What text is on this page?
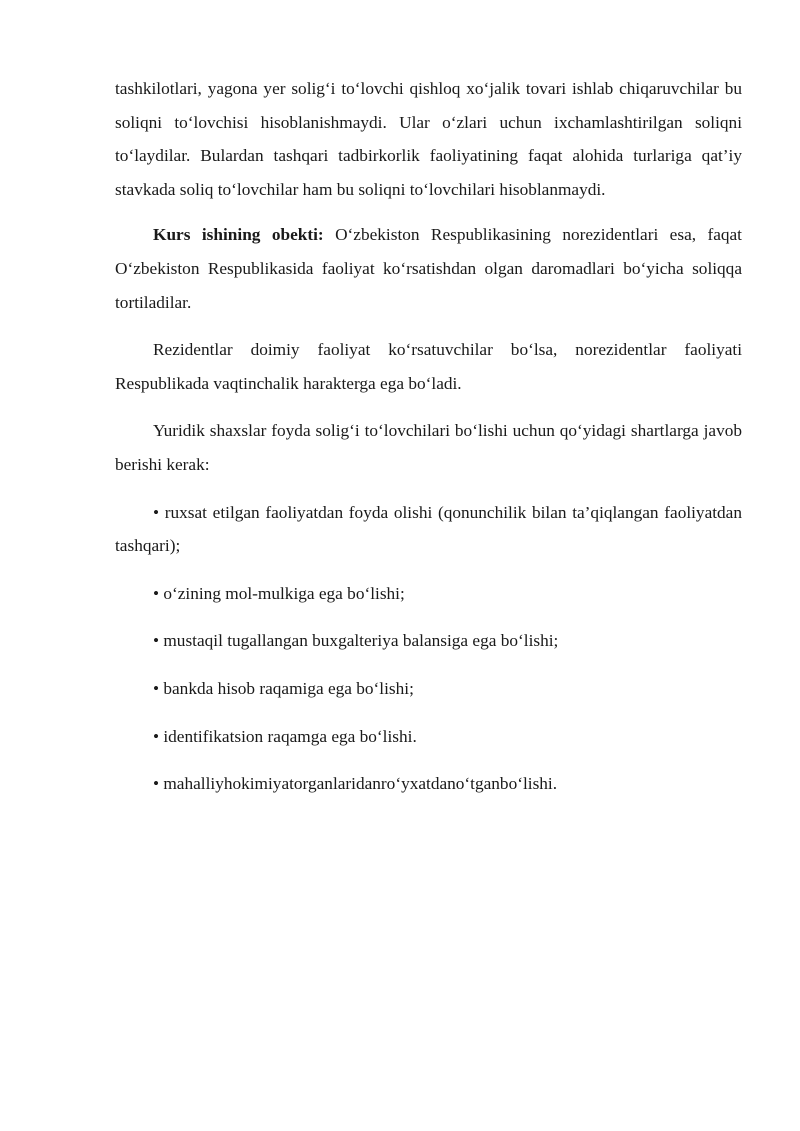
tashkilotlari, yagona yer solig‘i to‘lovchi qishloq xo‘jalik tovari ishlab chiqaruvchilar bu soliqni to‘lovchisi hisoblanishmaydi. Ular o‘zlari uchun ixchamlashtirilgan soliqni to‘laydilar. Bulardan tashqari tadbirkorlik faoliyatining faqat alohida turlariga qat’iy stavkada soliq to‘lovchilar ham bu soliqni to‘lovchilari hisoblanmaydi.

Kurs ishining obekti: O‘zbekiston Respublikasining norezidentlari esa, faqat O‘zbekiston Respublikasida faoliyat ko‘rsatishdan olgan daromadlari bo‘yicha soliqqa tortiladilar.

Rezidentlar doimiy faoliyat ko‘rsatuvchilar bo‘lsa, norezidentlar faoliyati Respublikada vaqtinchalik harakterga ega bo‘ladi.

Yuridik shaxslar foyda solig‘i to‘lovchilari bo‘lishi uchun qo‘yidagi shartlarga javob berishi kerak:

• ruxsat etilgan faoliyatdan foyda olishi (qonunchilik bilan ta’qiqlangan faoliyatdan tashqari);

• o‘zining mol-mulkiga ega bo‘lishi;

• mustaqil tugallangan buxgalteriya balansiga ega bo‘lishi;

• bankda hisob raqamiga ega bo‘lishi;

• identifikatsion raqamga ega bo‘lishi.

• mahalliyhokimiyatorganlaridanro‘yxatdano‘tganbo‘lishi.
